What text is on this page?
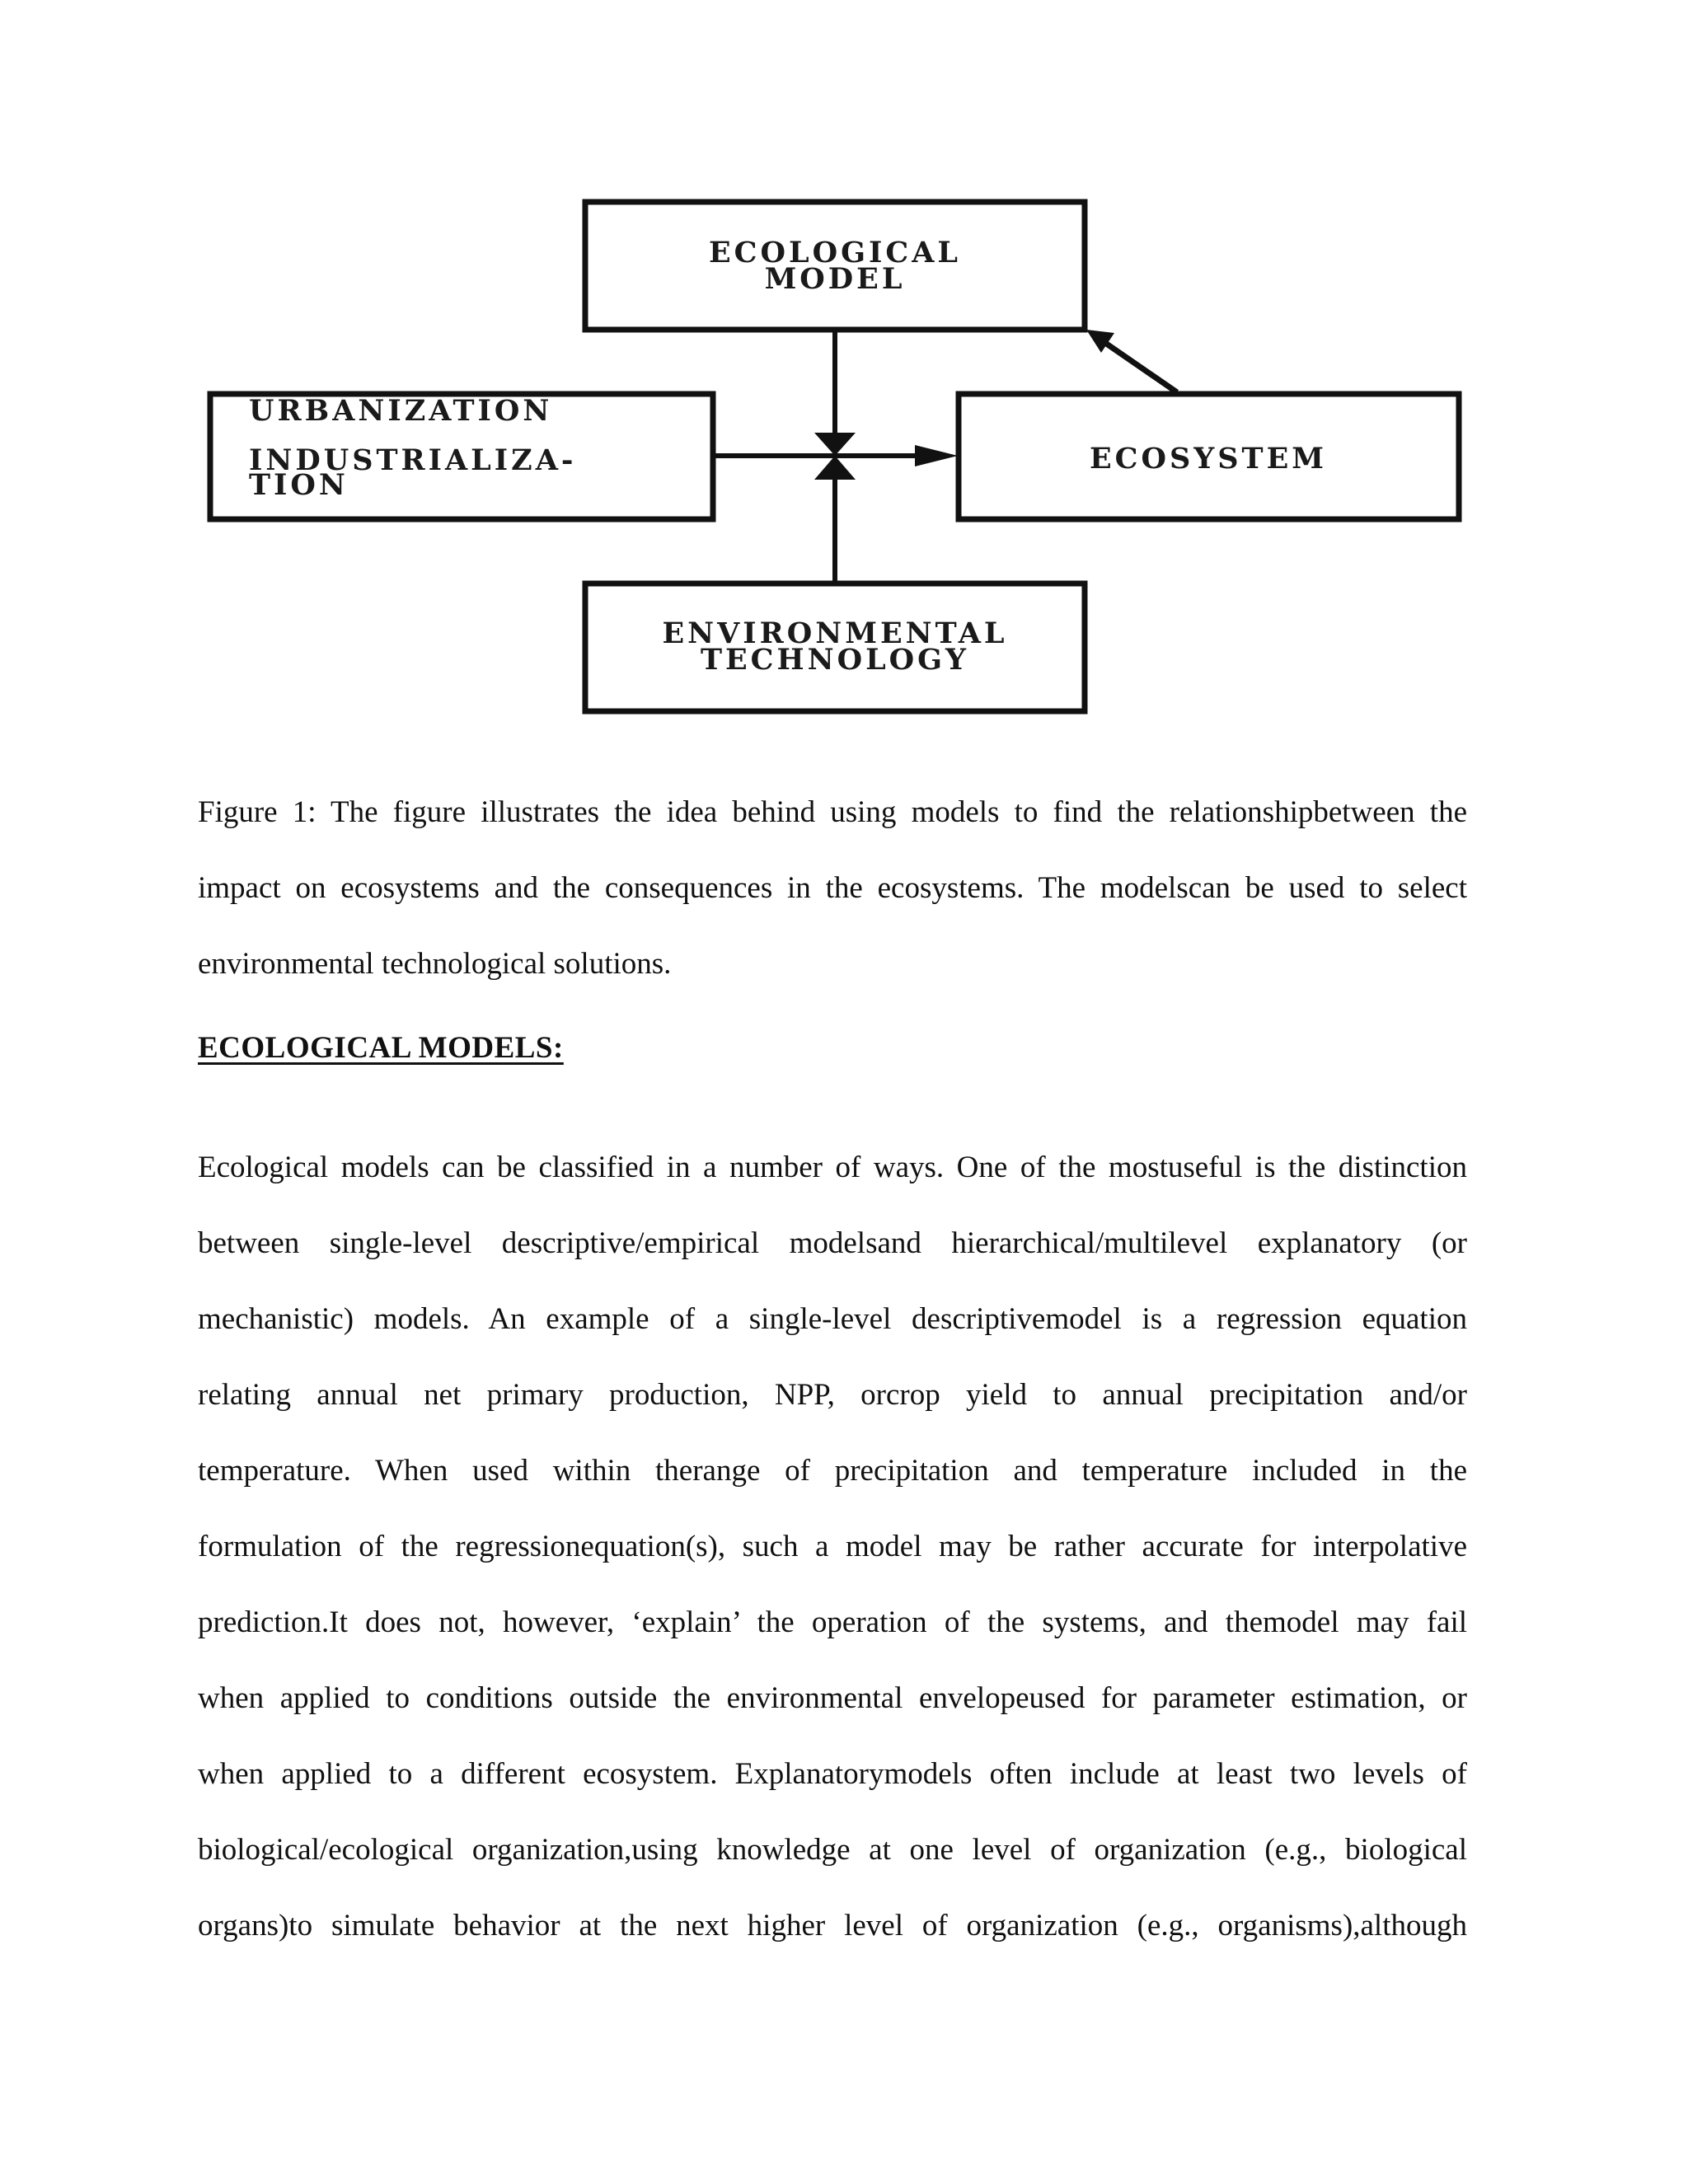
ECOLOGICAL
MODEL
URBANIZATION
INDUSTRIALIZA-
TION
ECOSYSTEM
ENVIRONMENTAL
TECHNOLOGY
Figure 1: The figure illustrates the idea behind using models to find the relationshipbetween the
impact on ecosystems and the consequences in the ecosystems. The modelscan be used to select
environmental technological solutions.
ECOLOGICAL MODELS:
Ecological models can be classified in a number of ways. One of the mostuseful is the distinction
between single-level descriptive/empirical modelsand hierarchical/multilevel explanatory (or
mechanistic) models. An example of a single-level descriptivemodel is a regression equation
relating annual net primary production, NPP, orcrop yield to annual precipitation and/or
temperature. When used within therange of precipitation and temperature included in the
formulation of the regressionequation(s), such a model may be rather accurate for interpolative
prediction.It does not, however, ‘explain’ the operation of the systems, and themodel may fail
when applied to conditions outside the environmental envelopeused for parameter estimation, or
when applied to a different ecosystem. Explanatorymodels often include at least two levels of
biological/ecological organization,using knowledge at one level of organization (e.g., biological
organs)to simulate behavior at the next higher level of organization (e.g., organisms),although
